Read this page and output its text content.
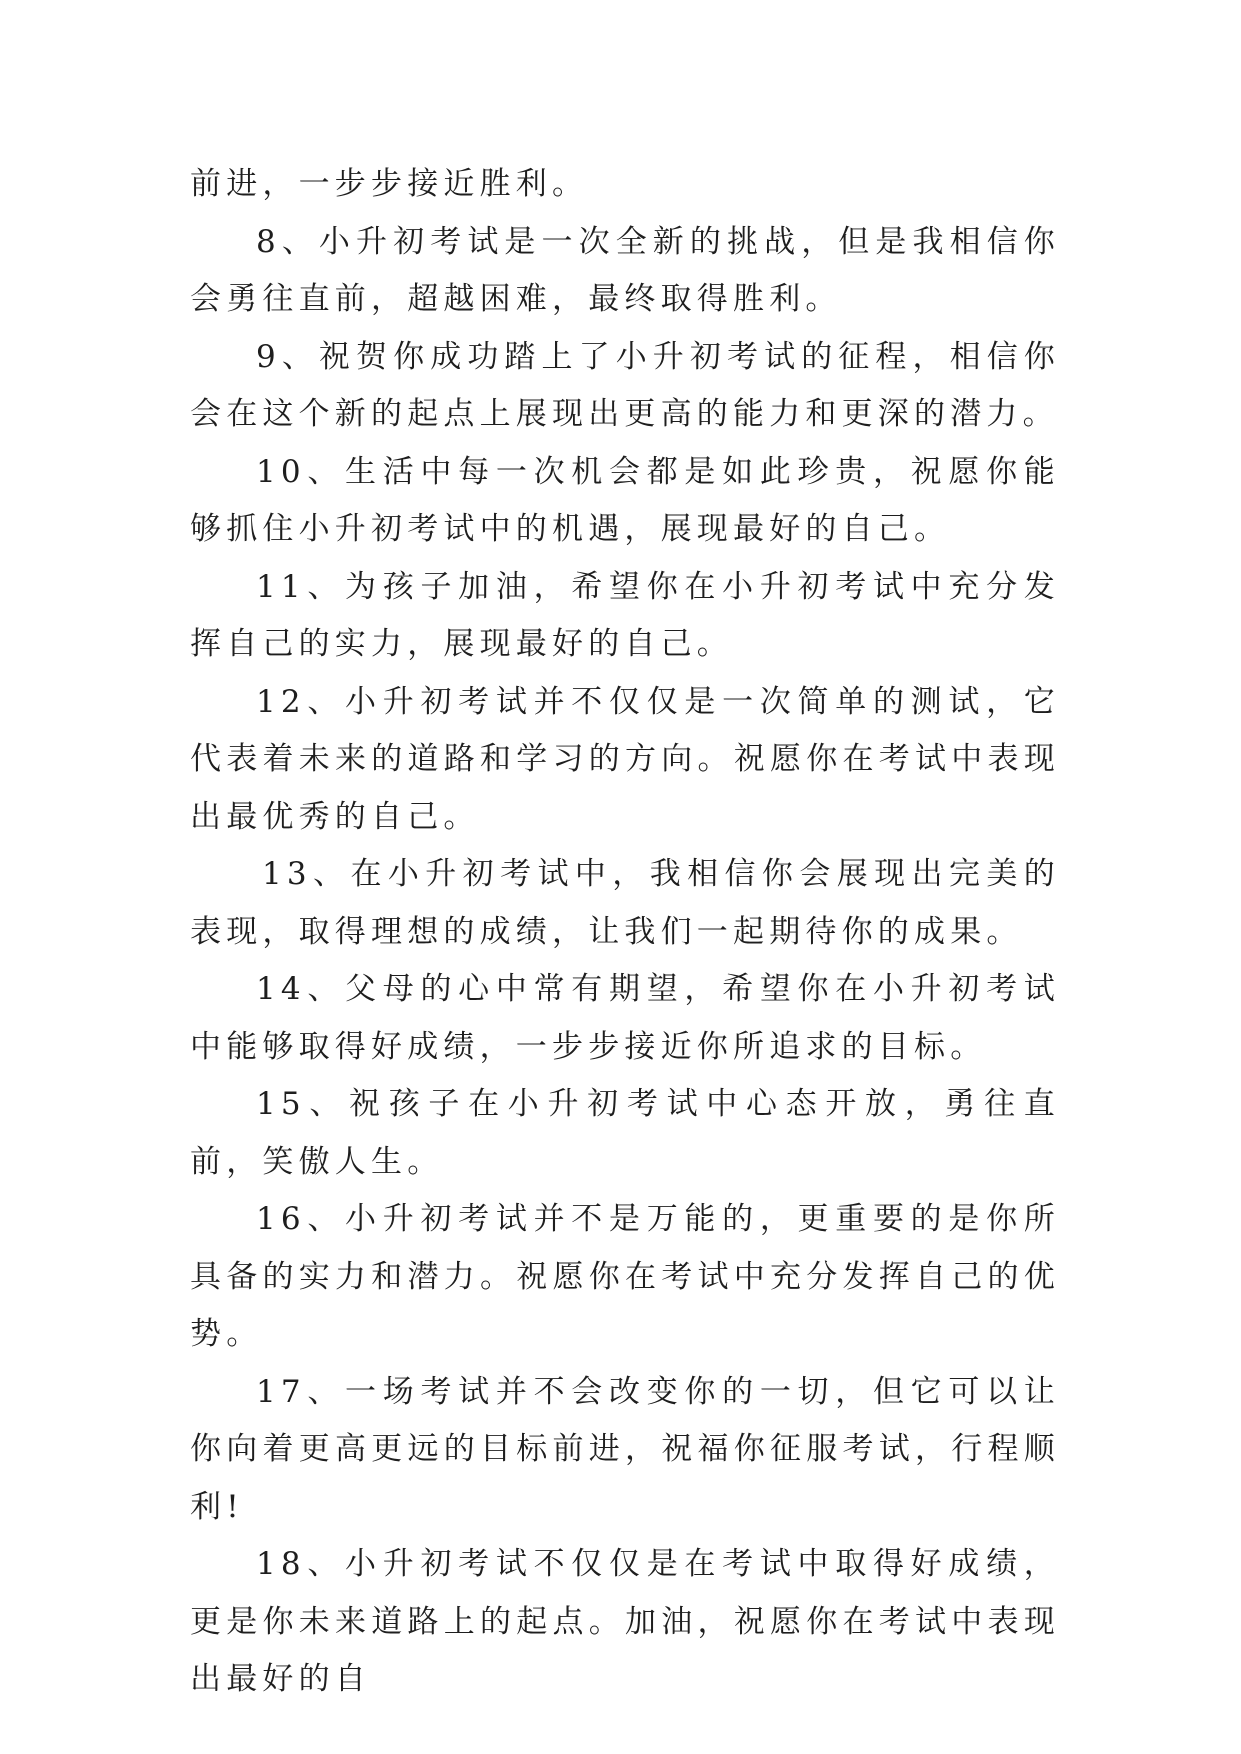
前进，一步步接近胜利。

8、小升初考试是一次全新的挑战，但是我相信你会勇往直前，超越困难，最终取得胜利。

9、祝贺你成功踏上了小升初考试的征程，相信你会在这个新的起点上展现出更高的能力和更深的潜力。

10、生活中每一次机会都是如此珍贵，祝愿你能够抓住小升初考试中的机遇，展现最好的自己。

11、为孩子加油，希望你在小升初考试中充分发挥自己的实力，展现最好的自己。

12、小升初考试并不仅仅是一次简单的测试，它代表着未来的道路和学习的方向。祝愿你在考试中表现出最优秀的自己。

13、在小升初考试中，我相信你会展现出完美的表现，取得理想的成绩，让我们一起期待你的成果。

14、父母的心中常有期望，希望你在小升初考试中能够取得好成绩，一步步接近你所追求的目标。

15、祝孩子在小升初考试中心态开放，勇往直前，笑傲人生。

16、小升初考试并不是万能的，更重要的是你所具备的实力和潜力。祝愿你在考试中充分发挥自己的优势。

17、一场考试并不会改变你的一切，但它可以让你向着更高更远的目标前进，祝福你征服考试，行程顺利!

18、小升初考试不仅仅是在考试中取得好成绩，更是你未来道路上的起点。加油，祝愿你在考试中表现出最好的自
